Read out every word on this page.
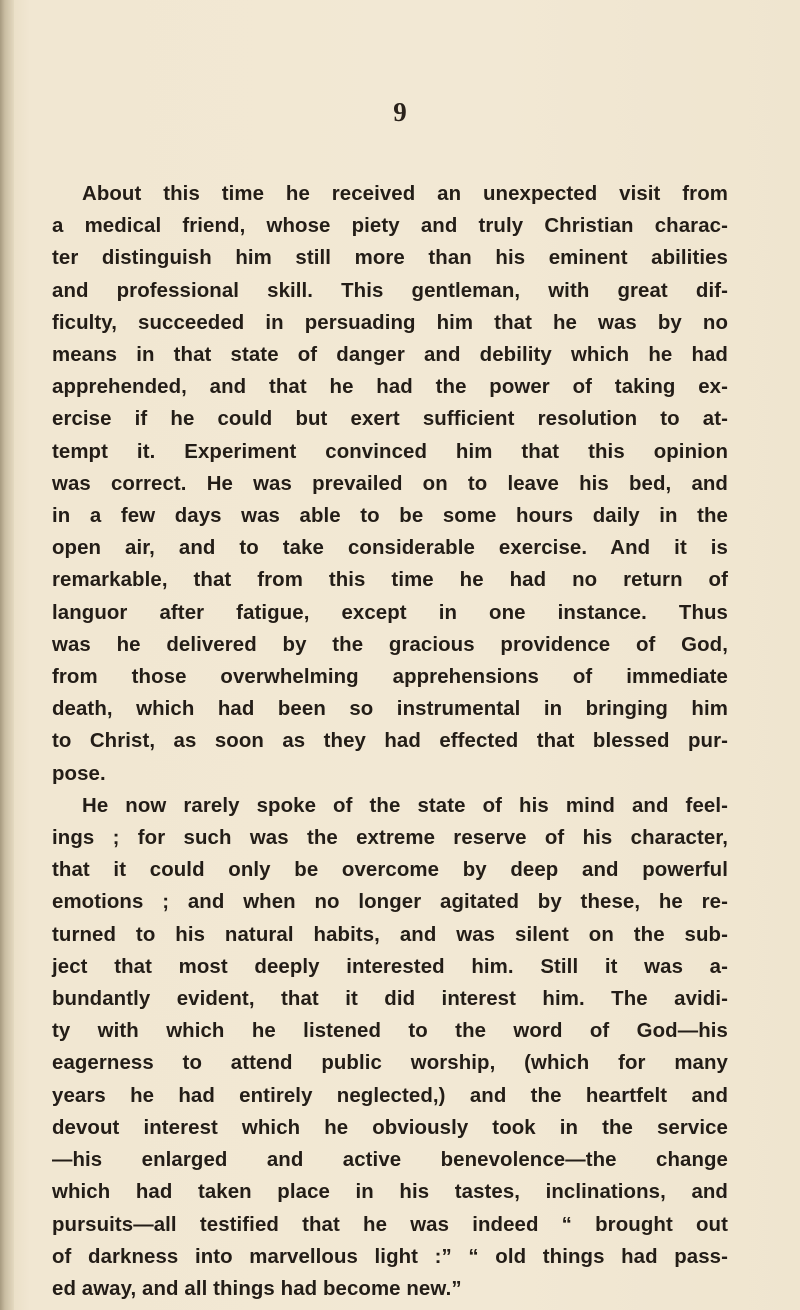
9
About this time he received an unexpected visit from
a medical friend, whose piety and truly Christian charac-
ter distinguish him still more than his eminent abilities
and professional skill. This gentleman, with great dif-
ficulty, succeeded in persuading him that he was by no
means in that state of danger and debility which he had
apprehended, and that he had the power of taking ex-
ercise if he could but exert sufficient resolution to at-
tempt it. Experiment convinced him that this opinion
was correct. He was prevailed on to leave his bed, and
in a few days was able to be some hours daily in the
open air, and to take considerable exercise. And it is
remarkable, that from this time he had no return of
languor after fatigue, except in one instance. Thus
was he delivered by the gracious providence of God,
from those overwhelming apprehensions of immediate
death, which had been so instrumental in bringing him
to Christ, as soon as they had effected that blessed pur-
pose.
He now rarely spoke of the state of his mind and feel-
ings ; for such was the extreme reserve of his character,
that it could only be overcome by deep and powerful
emotions ; and when no longer agitated by these, he re-
turned to his natural habits, and was silent on the sub-
ject that most deeply interested him. Still it was a-
bundantly evident, that it did interest him. The avidi-
ty with which he listened to the word of God—his
eagerness to attend public worship, (which for many
years he had entirely neglected,) and the heartfelt and
devout interest which he obviously took in the service
—his enlarged and active benevolence—the change
which had taken place in his tastes, inclinations, and
pursuits—all testified that he was indeed “ brought out
of darkness into marvellous light :” “ old things had pass-
ed away, and all things had become new.”
